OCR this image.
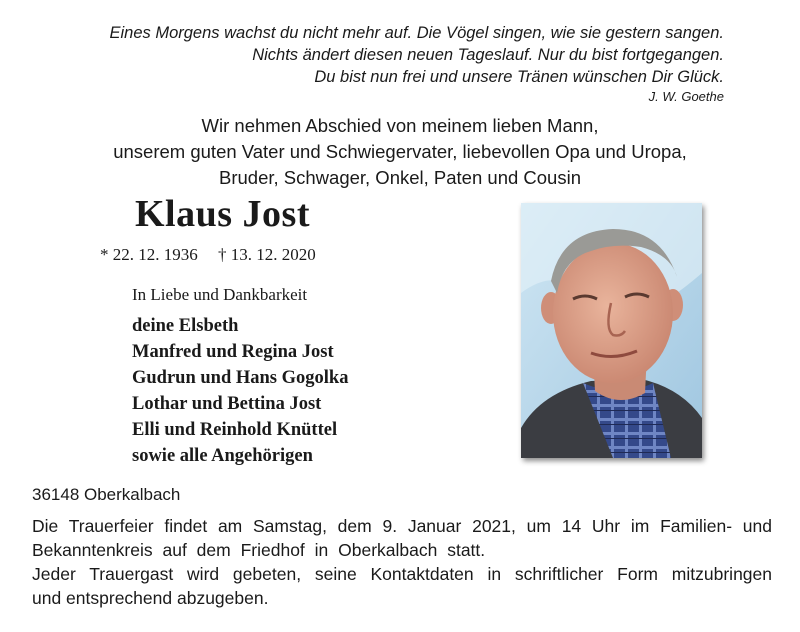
Eines Morgens wachst du nicht mehr auf. Die Vögel singen, wie sie gestern sangen.
Nichts ändert diesen neuen Tageslauf. Nur du bist fortgegangen.
Du bist nun frei und unsere Tränen wünschen Dir Glück.
J. W. Goethe
Wir nehmen Abschied von meinem lieben Mann,
unserem guten Vater und Schwiegervater, liebevollen Opa und Uropa,
Bruder, Schwager, Onkel, Paten und Cousin
Klaus Jost
* 22. 12. 1936 † 13. 12. 2020
In Liebe und Dankbarkeit
deine Elsbeth
Manfred und Regina Jost
Gudrun und Hans Gogolka
Lothar und Bettina Jost
Elli und Reinhold Knüttel
sowie alle Angehörigen
36148 Oberkalbach

Die Trauerfeier findet am Samstag, dem 9. Januar 2021, um 14 Uhr im Familien- und

Bekanntenkreis auf dem Friedhof in Oberkalbach statt.

Jeder Trauergast wird gebeten, seine Kontaktdaten in schriftlicher Form mitzubringen

und entsprechend abzugeben.
